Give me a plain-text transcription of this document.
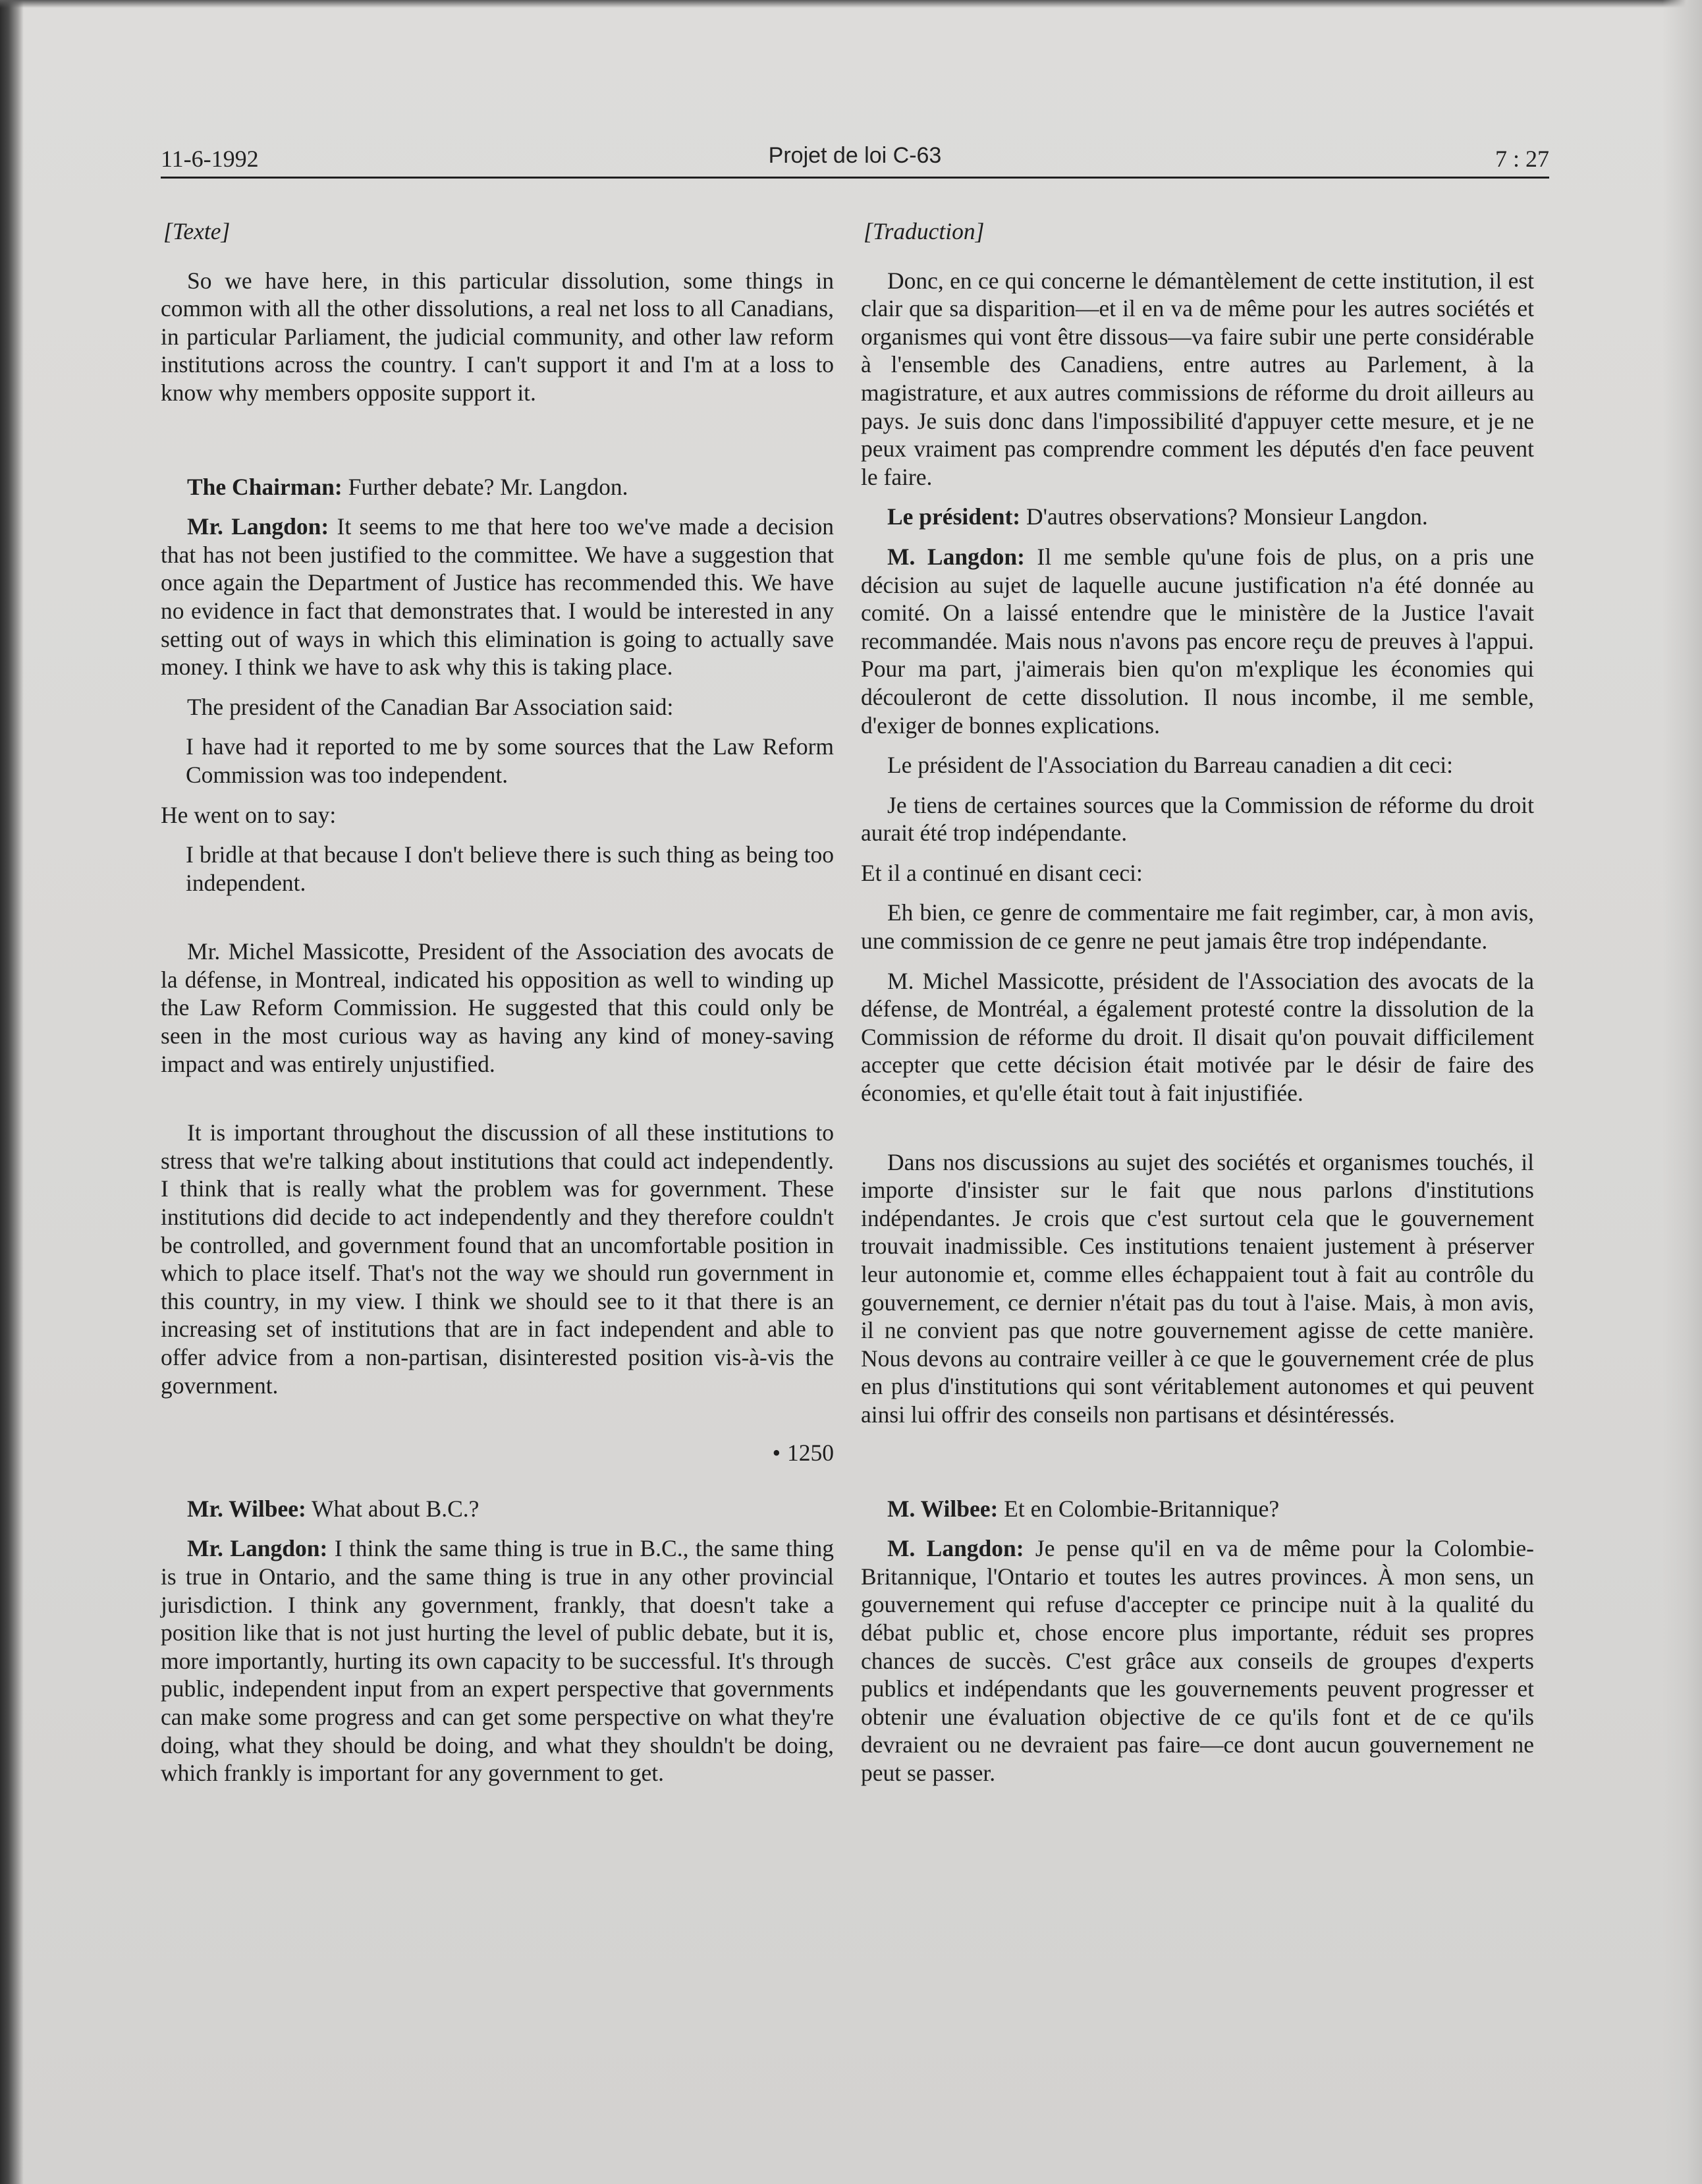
11-6-1992	Projet de loi C-63	7 : 27

[Texte]

So we have here, in this particular dissolution, some things in common with all the other dissolutions, a real net loss to all Canadians, in particular Parliament, the judicial community, and other law reform institutions across the country. I can't support it and I'm at a loss to know why members opposite support it.

The Chairman: Further debate? Mr. Langdon.

Mr. Langdon: It seems to me that here too we've made a decision that has not been justified to the committee. We have a suggestion that once again the Department of Justice has recommended this. We have no evidence in fact that demonstrates that. I would be interested in any setting out of ways in which this elimination is going to actually save money. I think we have to ask why this is taking place.

The president of the Canadian Bar Association said:

I have had it reported to me by some sources that the Law Reform Commission was too independent.

He went on to say:

I bridle at that because I don't believe there is such thing as being too independent.

Mr. Michel Massicotte, President of the Association des avocats de la défense, in Montreal, indicated his opposition as well to winding up the Law Reform Commission. He suggested that this could only be seen in the most curious way as having any kind of money-saving impact and was entirely unjustified.

It is important throughout the discussion of all these institutions to stress that we're talking about institutions that could act independently. I think that is really what the problem was for government. These institutions did decide to act independently and they therefore couldn't be controlled, and government found that an uncomfortable position in which to place itself. That's not the way we should run government in this country, in my view. I think we should see to it that there is an increasing set of institutions that are in fact independent and able to offer advice from a non-partisan, disinterested position vis-à-vis the government.

• 1250

Mr. Wilbee: What about B.C.?

Mr. Langdon: I think the same thing is true in B.C., the same thing is true in Ontario, and the same thing is true in any other provincial jurisdiction. I think any government, frankly, that doesn't take a position like that is not just hurting the level of public debate, but it is, more importantly, hurting its own capacity to be successful. It's through public, independent input from an expert perspective that governments can make some progress and can get some perspective on what they're doing, what they should be doing, and what they shouldn't be doing, which frankly is important for any government to get.

[Traduction]

Donc, en ce qui concerne le démantèlement de cette institution, il est clair que sa disparition—et il en va de même pour les autres sociétés et organismes qui vont être dissous—va faire subir une perte considérable à l'ensemble des Canadiens, entre autres au Parlement, à la magistrature, et aux autres commissions de réforme du droit ailleurs au pays. Je suis donc dans l'impossibilité d'appuyer cette mesure, et je ne peux vraiment pas comprendre comment les députés d'en face peuvent le faire.

Le président: D'autres observations? Monsieur Langdon.

M. Langdon: Il me semble qu'une fois de plus, on a pris une décision au sujet de laquelle aucune justification n'a été donnée au comité. On a laissé entendre que le ministère de la Justice l'avait recommandée. Mais nous n'avons pas encore reçu de preuves à l'appui. Pour ma part, j'aimerais bien qu'on m'explique les économies qui découleront de cette dissolution. Il nous incombe, il me semble, d'exiger de bonnes explications.

Le président de l'Association du Barreau canadien a dit ceci:

Je tiens de certaines sources que la Commission de réforme du droit aurait été trop indépendante.

Et il a continué en disant ceci:

Eh bien, ce genre de commentaire me fait regimber, car, à mon avis, une commission de ce genre ne peut jamais être trop indépendante.

M. Michel Massicotte, président de l'Association des avocats de la défense, de Montréal, a également protesté contre la dissolution de la Commission de réforme du droit. Il disait qu'on pouvait difficilement accepter que cette décision était motivée par le désir de faire des économies, et qu'elle était tout à fait injustifiée.

Dans nos discussions au sujet des sociétés et organismes touchés, il importe d'insister sur le fait que nous parlons d'institutions indépendantes. Je crois que c'est surtout cela que le gouvernement trouvait inadmissible. Ces institutions tenaient justement à préserver leur autonomie et, comme elles échappaient tout à fait au contrôle du gouvernement, ce dernier n'était pas du tout à l'aise. Mais, à mon avis, il ne convient pas que notre gouvernement agisse de cette manière. Nous devons au contraire veiller à ce que le gouvernement crée de plus en plus d'institutions qui sont véritablement autonomes et qui peuvent ainsi lui offrir des conseils non partisans et désintéressés.

M. Wilbee: Et en Colombie-Britannique?

M. Langdon: Je pense qu'il en va de même pour la Colombie-Britannique, l'Ontario et toutes les autres provinces. À mon sens, un gouvernement qui refuse d'accepter ce principe nuit à la qualité du débat public et, chose encore plus importante, réduit ses propres chances de succès. C'est grâce aux conseils de groupes d'experts publics et indépendants que les gouvernements peuvent progresser et obtenir une évaluation objective de ce qu'ils font et de ce qu'ils devraient ou ne devraient pas faire—ce dont aucun gouvernement ne peut se passer.
